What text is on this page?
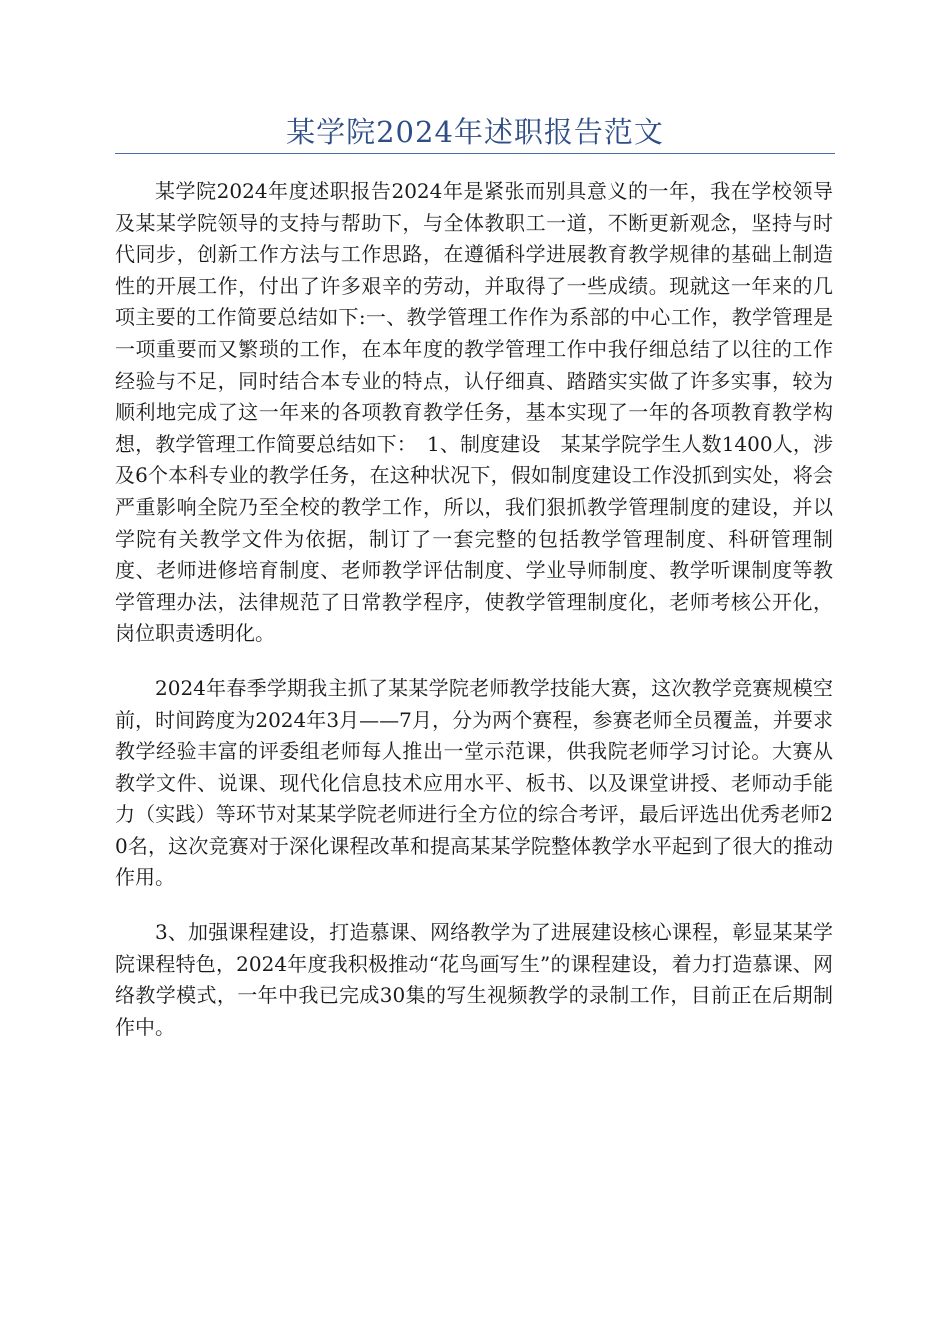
某学院2024年述职报告范文

某学院2024年度述职报告2024年是紧张而别具意义的一年，我在学校领导及某某学院领导的支持与帮助下，与全体教职工一道，不断更新观念，坚持与时代同步，创新工作方法与工作思路，在遵循科学进展教育教学规律的基础上制造性的开展工作，付出了许多艰辛的劳动，并取得了一些成绩。现就这一年来的几项主要的工作简要总结如下:一、教学管理工作作为系部的中心工作，教学管理是一项重要而又繁琐的工作，在本年度的教学管理工作中我仔细总结了以往的工作经验与不足，同时结合本专业的特点，认仔细真、踏踏实实做了许多实事，较为顺利地完成了这一年来的各项教育教学任务，基本实现了一年的各项教育教学构想，教学管理工作简要总结如下：　1、制度建设　某某学院学生人数1400人，涉及6个本科专业的教学任务，在这种状况下，假如制度建设工作没抓到实处，将会严重影响全院乃至全校的教学工作，所以，我们狠抓教学管理制度的建设，并以学院有关教学文件为依据，制订了一套完整的包括教学管理制度、科研管理制度、老师进修培育制度、老师教学评估制度、学业导师制度、教学听课制度等教学管理办法，法律规范了日常教学程序，使教学管理制度化，老师考核公开化，岗位职责透明化。

2024年春季学期我主抓了某某学院老师教学技能大赛，这次教学竞赛规模空前，时间跨度为2024年3月——7月，分为两个赛程，参赛老师全员覆盖，并要求教学经验丰富的评委组老师每人推出一堂示范课，供我院老师学习讨论。大赛从教学文件、说课、现代化信息技术应用水平、板书、以及课堂讲授、老师动手能力（实践）等环节对某某学院老师进行全方位的综合考评，最后评选出优秀老师20名，这次竞赛对于深化课程改革和提高某某学院整体教学水平起到了很大的推动作用。

3、加强课程建设，打造慕课、网络教学为了进展建设核心课程，彰显某某学院课程特色，2024年度我积极推动“花鸟画写生”的课程建设，着力打造慕课、网络教学模式，一年中我已完成30集的写生视频教学的录制工作，目前正在后期制作中。
